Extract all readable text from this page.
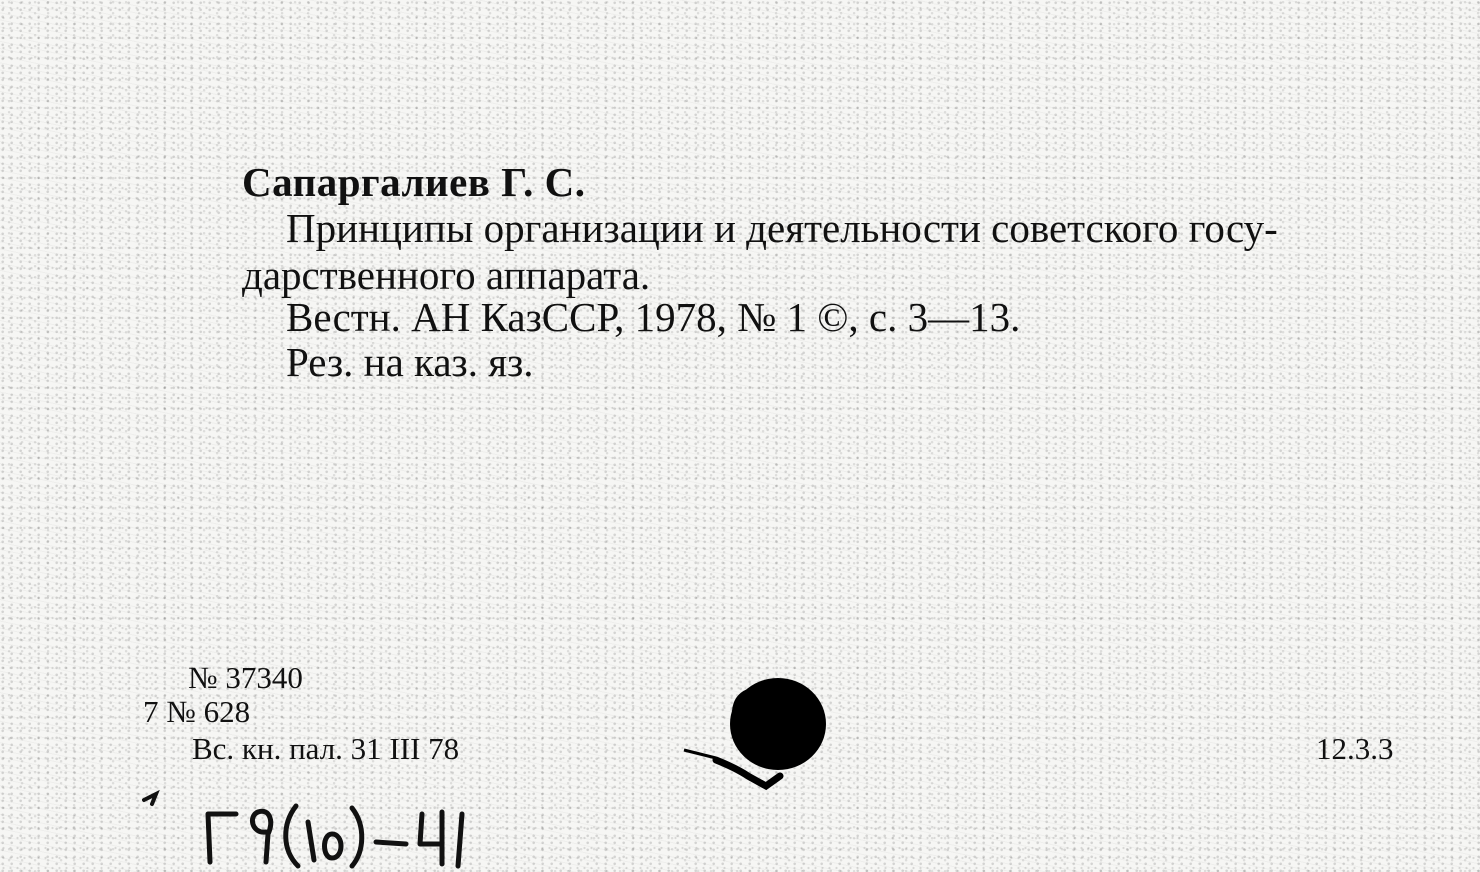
Сапаргалиев Г. С.
Принципы организации и деятельности советского госу-
дарственного аппарата.
Вестн. АН КазССР, 1978, № 1 ©, с. 3—13.
Рез. на каз. яз.
№ 37340
7 № 628
Вс. кн. пал. 31 III 78	12.3.3
